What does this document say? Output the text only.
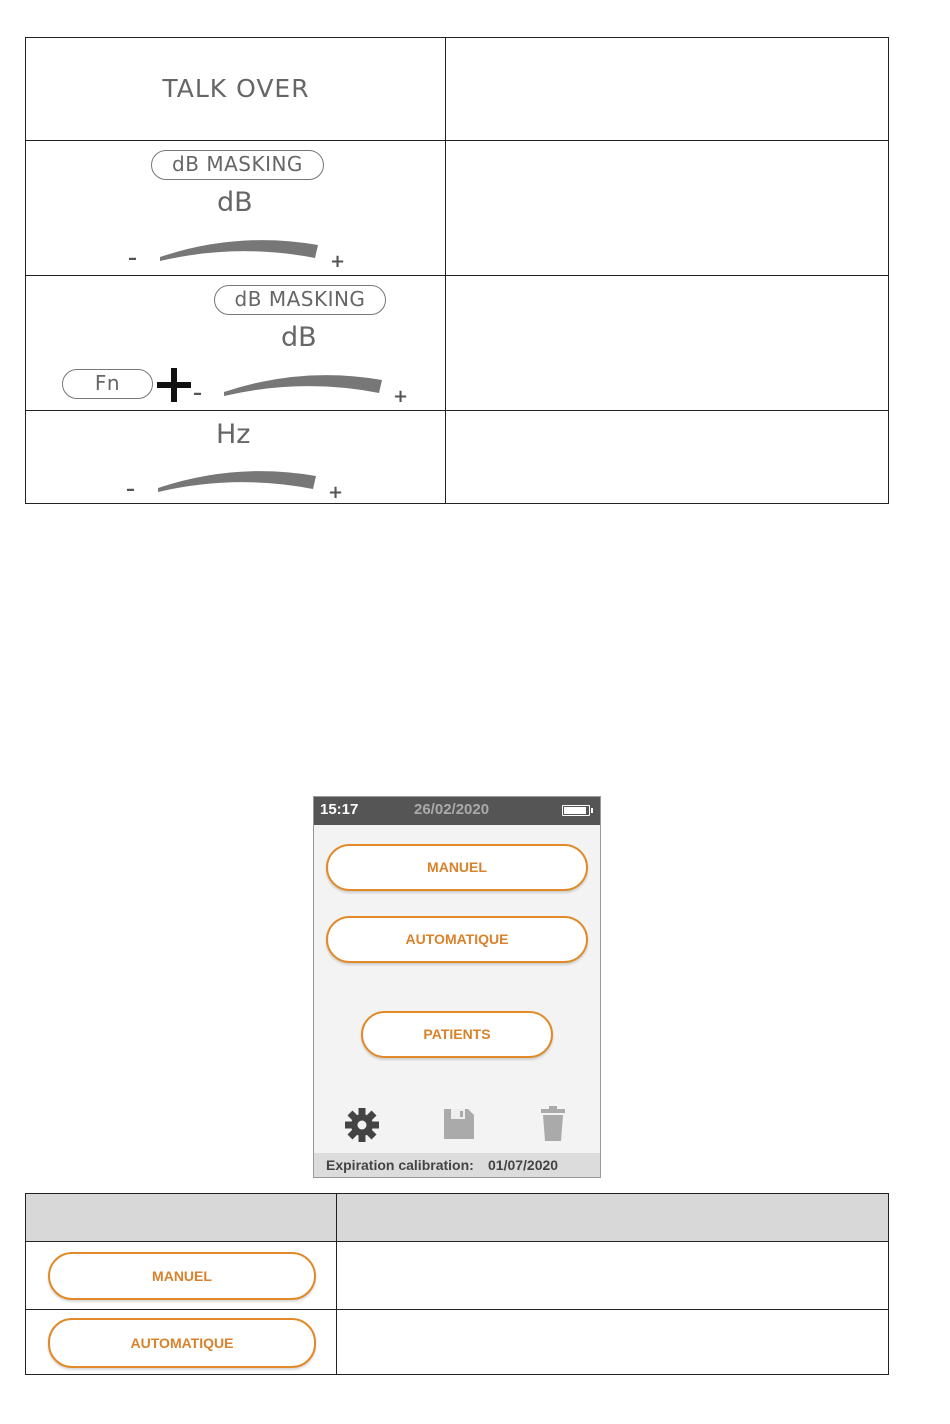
TALK OVER
dB MASKING
dB
–	+
dB MASKING
dB
Fn	–	+
Hz
–	+
15:17	26/02/2020
MANUEL
AUTOMATIQUE
PATIENTS
Expiration calibration: 01/07/2020
MANUEL
AUTOMATIQUE
